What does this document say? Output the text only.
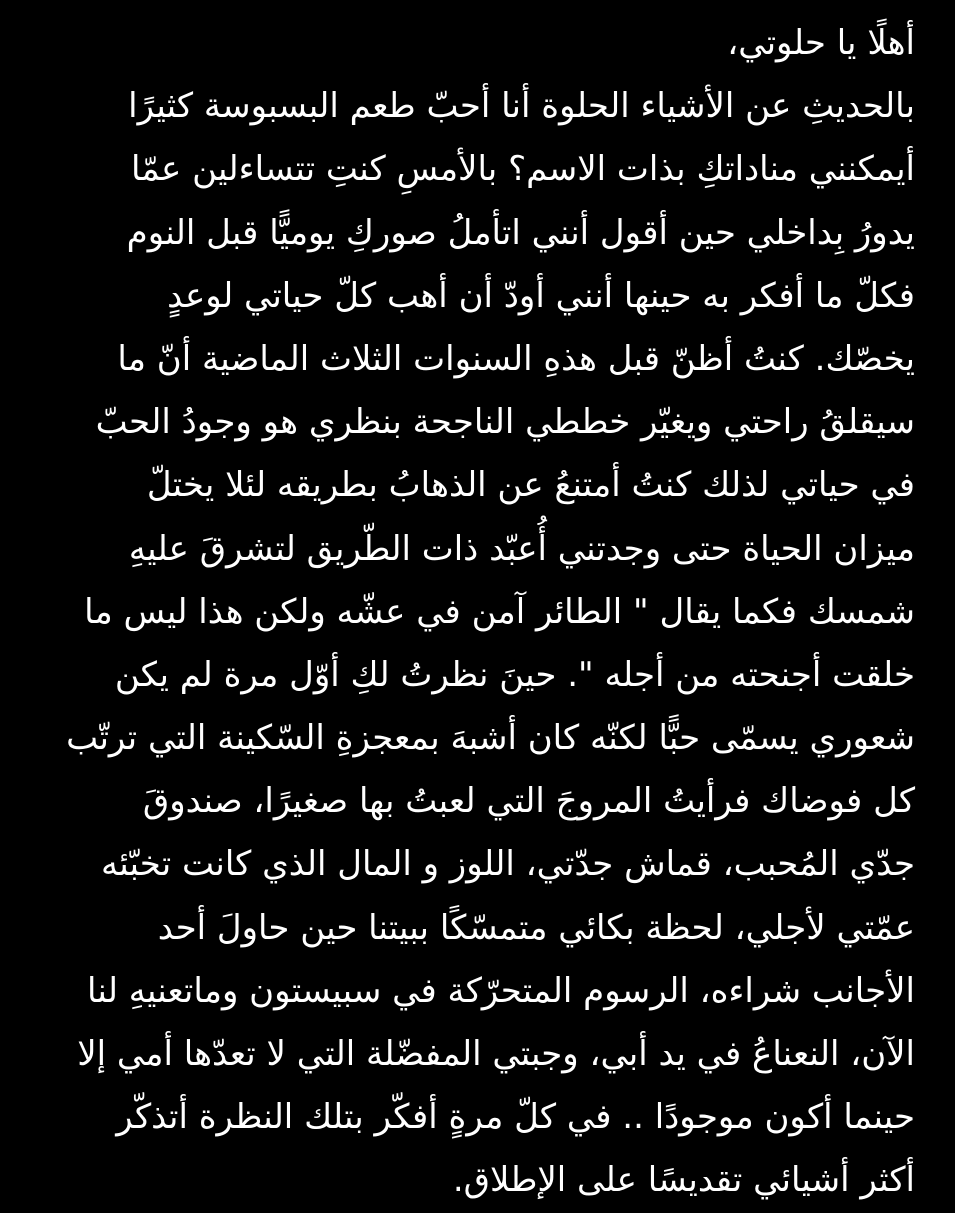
أهلًا يا حلوتي،
بالحديثِ عن الأشياء الحلوة أنا أحبّ طعم البسبوسة كثيرًا
أيمكنني مناداتكِ بذات الاسم؟ بالأمسِ كنتِ تتساءلين عمّا
يدورُ بِداخلي حين أقول أنني اتأملُ صوركِ يوميًّا قبل النوم
فكلّ ما أفكر به حينها أنني أودّ أن أهب كلّ حياتي لوعدٍ
يخصّك. كنتُ أظنّ قبل هذهِ السنوات الثلاث الماضية أنّ ما
سيقلقُ راحتي ويغيّر خططي الناجحة بنظري هو وجودُ الحبّ
في حياتي لذلك كنتُ أمتنعُ عن الذهابُ بطريقه لئلا يختلّ
ميزان الحياة حتى وجدتني أُعبّد ذات الطّريق لتشرقَ عليهِ
شمسك فكما يقال " الطائر آمن في عشّه ولكن هذا ليس ما
خلقت أجنحته من أجله ". حينَ نظرتُ لكِ أوّل مرة لم يكن
شعوري يسمّى حبًّا لكنّه كان أشبهَ بمعجزةِ السّكينة التي ترتّب
كل فوضاك فرأيتُ المروجَ التي لعبتُ بها صغيرًا، صندوقَ
جدّي المُحبب، قماش جدّتي، اللوز و المال الذي كانت تخبّئه
عمّتي لأجلي، لحظة بكائي متمسّكًا ببيتنا حين حاولَ أحد
الأجانب شراءه، الرسوم المتحرّكة في سبيستون وماتعنيهِ لنا
الآن، النعناعُ في يد أبي، وجبتي المفضّلة التي لا تعدّها أمي إلا
حينما أكون موجودًا .. في كلّ مرةٍ أفكّر بتلك النظرة أتذكّر
أكثر أشيائي تقديسًا على الإطلاق.
